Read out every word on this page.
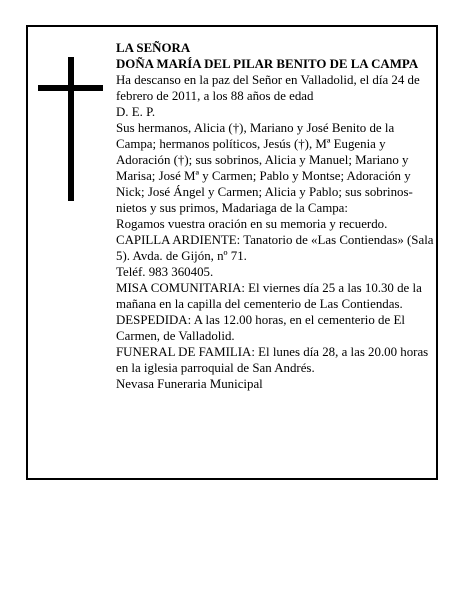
LA SEÑORA

DOÑA MARÍA DEL PILAR BENITO DE LA CAMPA

Ha descanso en la paz del Señor en Valladolid, el día 24 de febrero de 2011, a los 88 años de edad

D. E. P.

Sus hermanos, Alicia (†), Mariano y José Benito de la Campa; hermanos políticos, Jesús (†), Mª Eugenia y Adoración (†); sus sobrinos, Alicia y Manuel; Mariano y Marisa; José Mª y Carmen; Pablo y Montse; Adoración y Nick; José Ángel y Carmen; Alicia y Pablo; sus sobrinos-nietos y sus primos, Madariaga de la Campa:

Rogamos vuestra oración en su memoria y recuerdo.

CAPILLA ARDIENTE: Tanatorio de «Las Contiendas» (Sala 5). Avda. de Gijón, nº 71.

Teléf. 983 360405.

MISA COMUNITARIA: El viernes día 25 a las 10.30 de la mañana en la capilla del cementerio de Las Contiendas.

DESPEDIDA: A las 12.00 horas, en el cementerio de El Carmen, de Valladolid.

FUNERAL DE FAMILIA: El lunes día 28, a las 20.00 horas en la iglesia parroquial de San Andrés.

Nevasa Funeraria Municipal
